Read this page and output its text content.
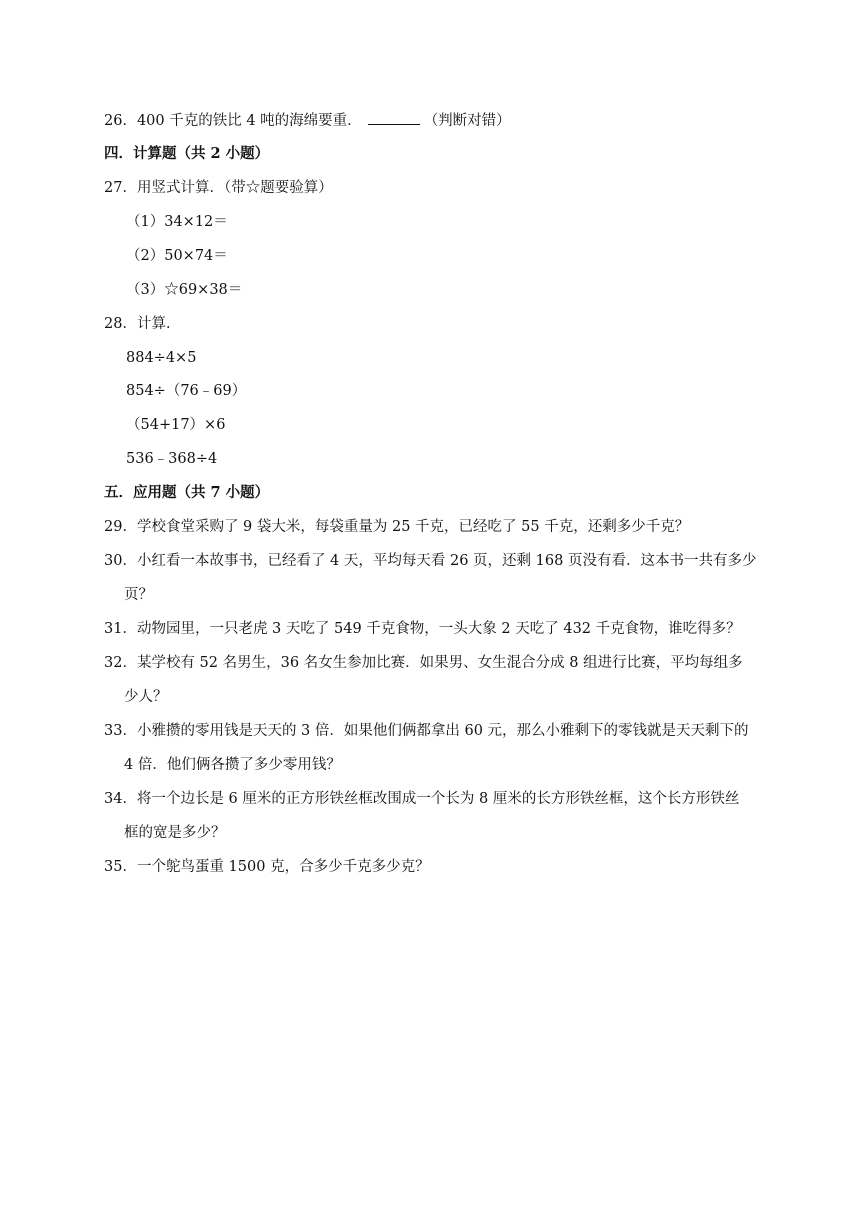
26．400 千克的铁比 4 吨的海绵要重．	（判断对错）
四．计算题（共 2 小题）
27．用竖式计算．（带☆题要验算）
（1）34×12＝
（2）50×74＝
（3）☆69×38＝
28．计算．
884÷4×5
854÷（76﹣69）
（54+17）×6
536﹣368÷4
五．应用题（共 7 小题）
29．学校食堂采购了 9 袋大米，每袋重量为 25 千克，已经吃了 55 千克，还剩多少千克？
30．小红看一本故事书，已经看了 4 天，平均每天看 26 页，还剩 168 页没有看．这本书一共有多少
页？
31．动物园里，一只老虎 3 天吃了 549 千克食物，一头大象 2 天吃了 432 千克食物，谁吃得多？
32．某学校有 52 名男生，36 名女生参加比赛．如果男、女生混合分成 8 组进行比赛，平均每组多
少人？
33．小雅攒的零用钱是天天的 3 倍．如果他们俩都拿出 60 元，那么小雅剩下的零钱就是天天剩下的
4 倍．他们俩各攒了多少零用钱？
34．将一个边长是 6 厘米的正方形铁丝框改围成一个长为 8 厘米的长方形铁丝框，这个长方形铁丝
框的宽是多少？
35．一个鸵鸟蛋重 1500 克，合多少千克多少克？
